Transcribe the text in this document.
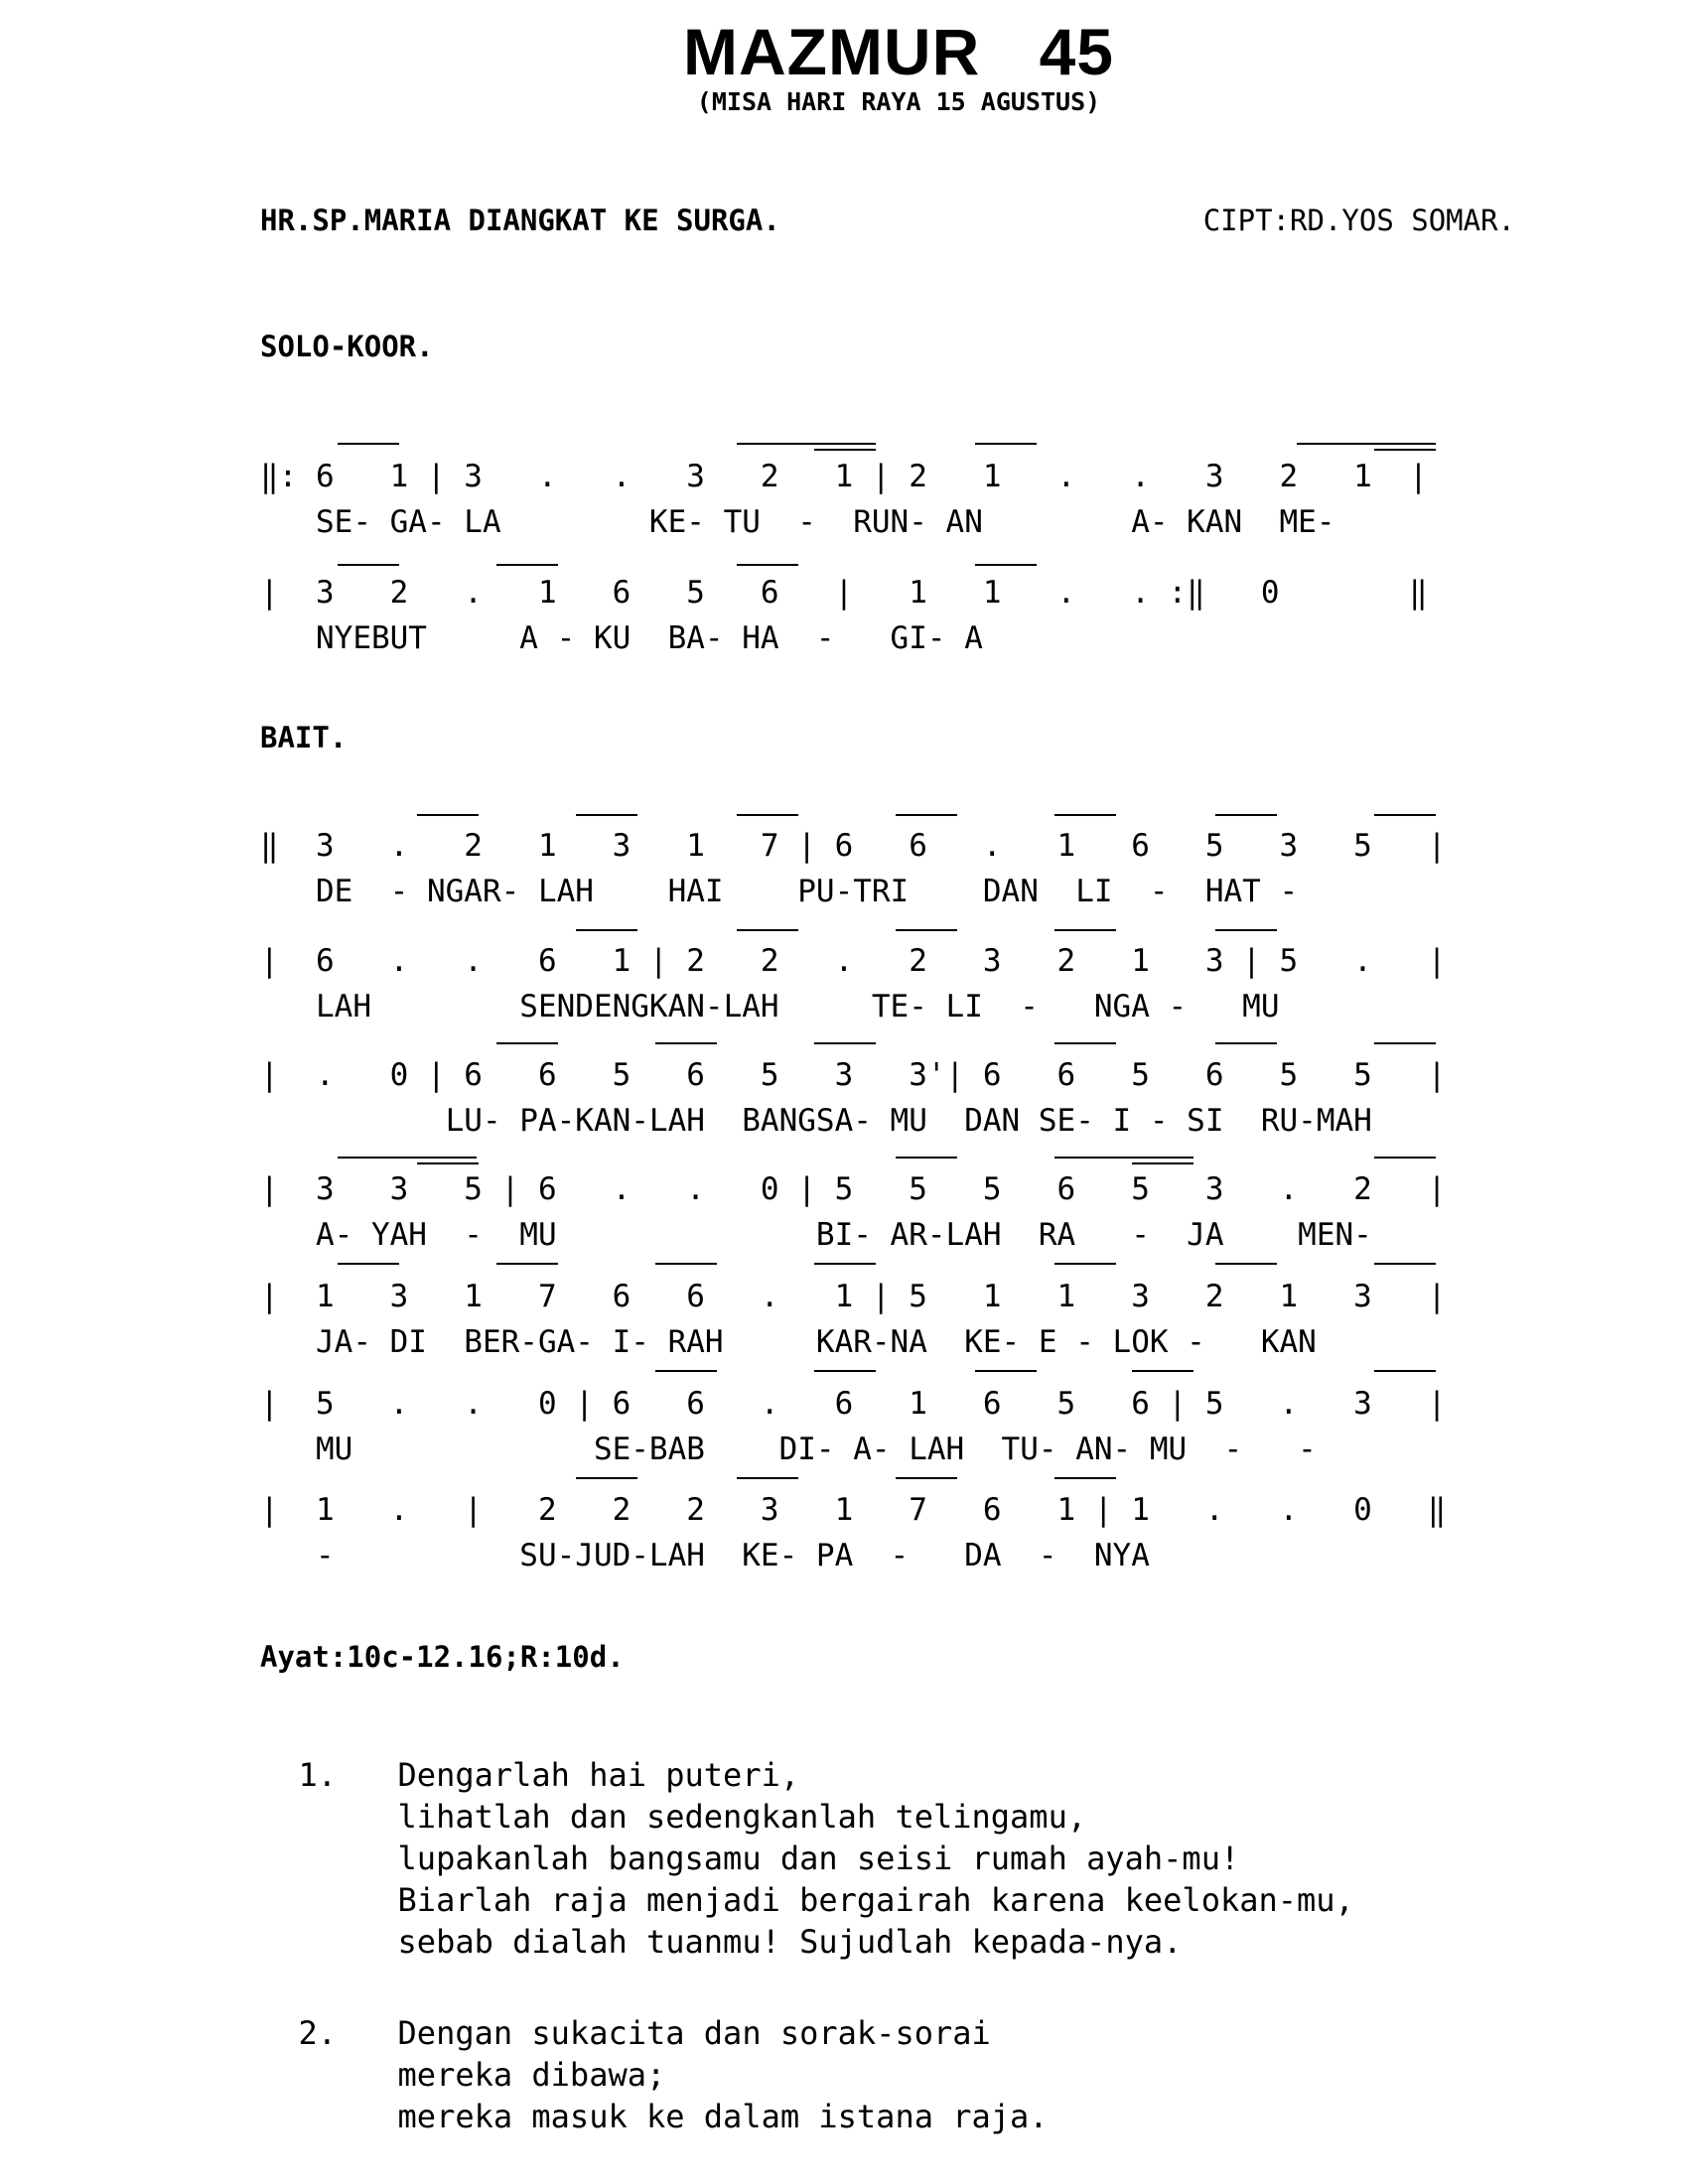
MAZMUR 45
(MISA HARI RAYA 15 AGUSTUS)
HR.SP.MARIA DIANGKAT KE SURGA.	CIPT:RD.YOS SOMAR.
SOLO-KOOR.
‖: 6   1 | 3   .   .   3   2   1 | 2   1   .   .   3   2   1  |
SE- GA- LA        KE- TU  -  RUN- AN        A- KAN  ME-
|  3   2   .   1   6   5   6   |   1   1   .   . :‖   0       ‖
NYEBUT     A - KU  BA- HA  -   GI- A
BAIT.
‖  3   .   2   1   3   1   7 | 6   6   .   1   6   5   3   5   |
DE  - NGAR- LAH    HAI    PU-TRI    DAN  LI  -  HAT -
|  6   .   .   6   1 | 2   2   .   2   3   2   1   3 | 5   .   |
LAH        SENDENGKAN-LAH     TE- LI  -   NGA -   MU
|  .   0 | 6   6   5   6   5   3   3'| 6   6   5   6   5   5   |
LU- PA-KAN-LAH  BANGSA- MU  DAN SE- I - SI  RU-MAH
|  3   3   5 | 6   .   .   0 | 5   5   5   6   5   3   .   2   |
A- YAH  -  MU              BI- AR-LAH  RA   -  JA    MEN-
|  1   3   1   7   6   6   .   1 | 5   1   1   3   2   1   3   |
JA- DI  BER-GA- I- RAH     KAR-NA  KE- E - LOK -   KAN
|  5   .   .   0 | 6   6   .   6   1   6   5   6 | 5   .   3   |
MU             SE-BAB    DI- A- LAH  TU- AN- MU  -   -
|  1   .   |   2   2   2   3   1   7   6   1 | 1   .   .   0   ‖
-          SU-JUD-LAH  KE- PA  -   DA  -  NYA
Ayat:10c-12.16;R:10d.

1. Dengarlah hai puteri,
lihatlah dan sedengkanlah telingamu,
lupakanlah bangsamu dan seisi rumah ayah-mu!
Biarlah raja menjadi bergairah karena keelokan-mu,
sebab dialah tuanmu! Sujudlah kepada-nya.

2. Dengan sukacita dan sorak-sorai
mereka dibawa;
mereka masuk ke dalam istana raja.
